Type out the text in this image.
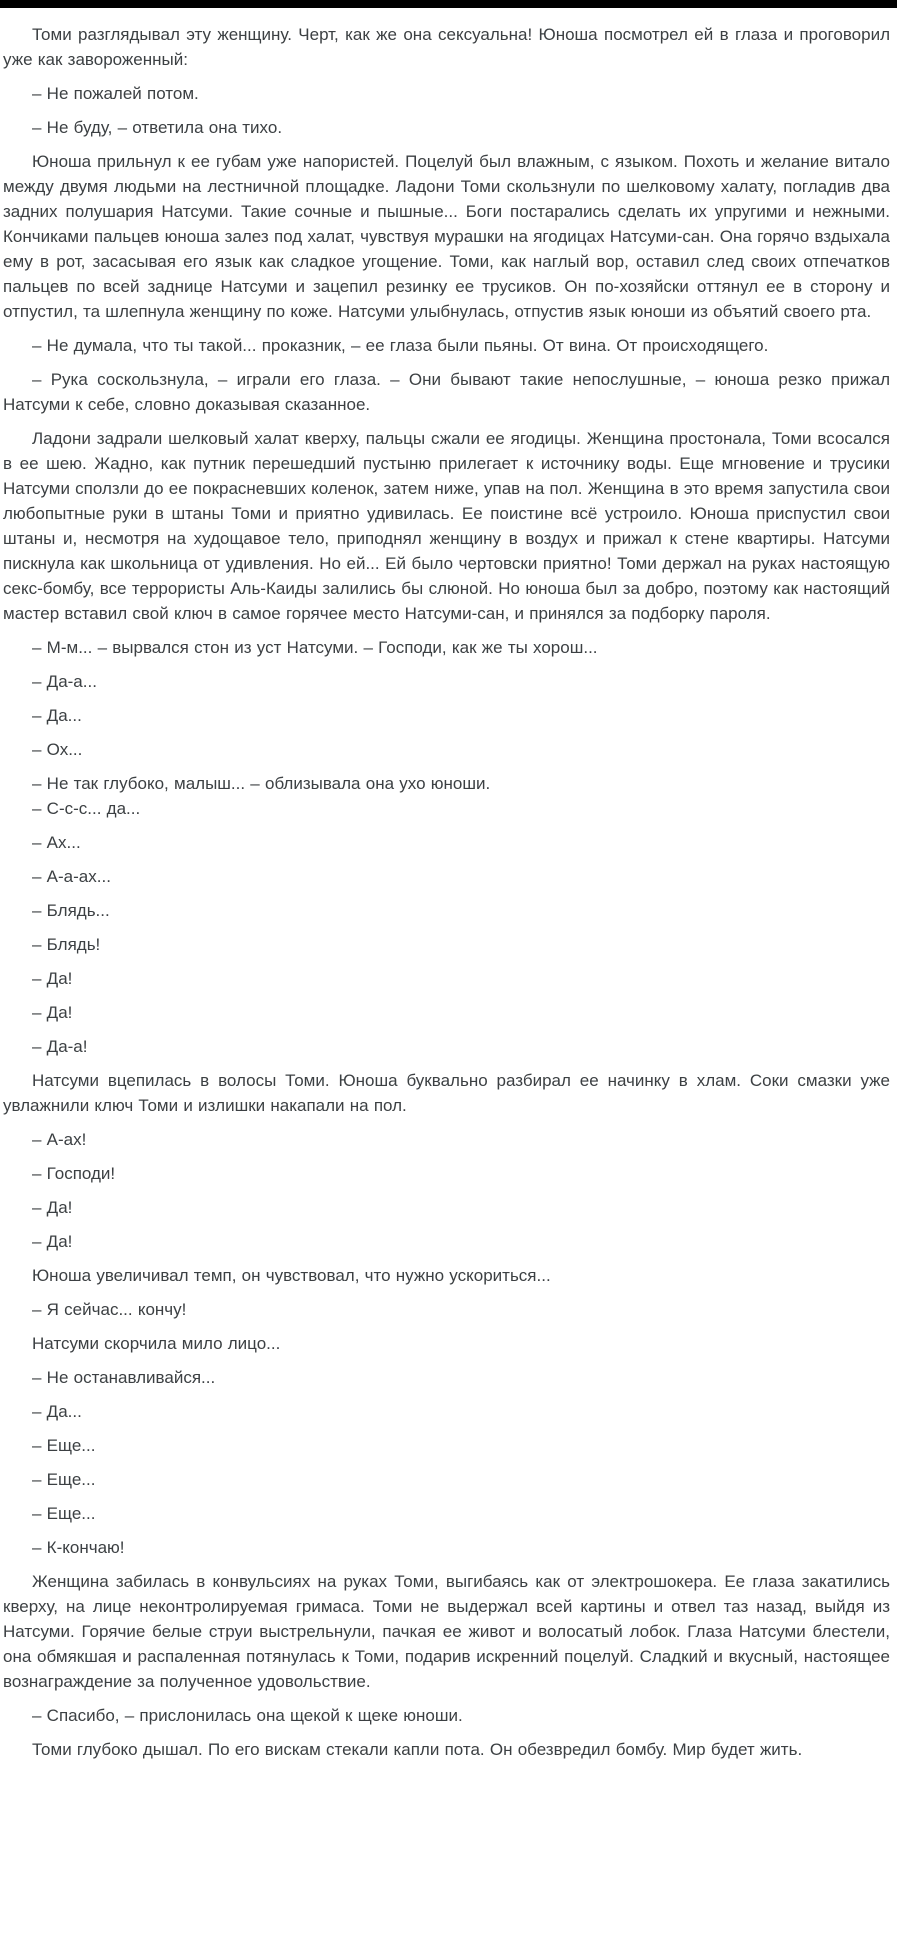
Томи разглядывал эту женщину. Черт, как же она сексуальна! Юноша посмотрел ей в глаза и проговорил уже как завороженный:

– Не пожалей потом.

– Не буду, – ответила она тихо.

Юноша прильнул к ее губам уже напористей. Поцелуй был влажным, с языком. Похоть и желание витало между двумя людьми на лестничной площадке. Ладони Томи скользнули по шелковому халату, погладив два задних полушария Натсуми. Такие сочные и пышные... Боги постарались сделать их упругими и нежными. Кончиками пальцев юноша залез под халат, чувствуя мурашки на ягодицах Натсуми-сан. Она горячо вздыхала ему в рот, засасывая его язык как сладкое угощение. Томи, как наглый вор, оставил след своих отпечатков пальцев по всей заднице Натсуми и зацепил резинку ее трусиков. Он по-хозяйски оттянул ее в сторону и отпустил, та шлепнула женщину по коже. Натсуми улыбнулась, отпустив язык юноши из объятий своего рта.

– Не думала, что ты такой... проказник, – ее глаза были пьяны. От вина. От происходящего.

– Рука соскользнула, – играли его глаза. – Они бывают такие непослушные, – юноша резко прижал Натсуми к себе, словно доказывая сказанное.

Ладони задрали шелковый халат кверху, пальцы сжали ее ягодицы. Женщина простонала, Томи всосался в ее шею. Жадно, как путник перешедший пустыню прилегает к источнику воды. Еще мгновение и трусики Натсуми сползли до ее покрасневших коленок, затем ниже, упав на пол. Женщина в это время запустила свои любопытные руки в штаны Томи и приятно удивилась. Ее поистине всё устроило. Юноша приспустил свои штаны и, несмотря на худощавое тело, приподнял женщину в воздух и прижал к стене квартиры. Натсуми пискнула как школьница от удивления. Но ей... Ей было чертовски приятно! Томи держал на руках настоящую секс-бомбу, все террористы Аль-Каиды залились бы слюной. Но юноша был за добро, поэтому как настоящий мастер вставил свой ключ в самое горячее место Натсуми-сан, и принялся за подборку пароля.

– М-м... – вырвался стон из уст Натсуми. – Господи, как же ты хорош...

– Да-а...

– Да...

– Ох...

– Не так глубоко, малыш... – облизывала она ухо юноши.

– С-с-с... да...

– Ах...

– А-а-ах...

– Блядь...

– Блядь!

– Да!

– Да!

– Да-а!

Натсуми вцепилась в волосы Томи. Юноша буквально разбирал ее начинку в хлам. Соки смазки уже увлажнили ключ Томи и излишки накапали на пол.

– А-ах!

– Господи!

– Да!

– Да!

Юноша увеличивал темп, он чувствовал, что нужно ускориться...

– Я сейчас... кончу!

Натсуми скорчила мило лицо...

– Не останавливайся...

– Да...

– Еще...

– Еще...

– Еще...

– К-кончаю!

Женщина забилась в конвульсиях на руках Томи, выгибаясь как от электрошокера. Ее глаза закатились кверху, на лице неконтролируемая гримаса. Томи не выдержал всей картины и отвел таз назад, выйдя из Натсуми. Горячие белые струи выстрельнули, пачкая ее живот и волосатый лобок. Глаза Натсуми блестели, она обмякшая и распаленная потянулась к Томи, подарив искренний поцелуй. Сладкий и вкусный, настоящее вознаграждение за полученное удовольствие.

– Спасибо, – прислонилась она щекой к щеке юноши.

Томи глубоко дышал. По его вискам стекали капли пота. Он обезвредил бомбу. Мир будет жить.
